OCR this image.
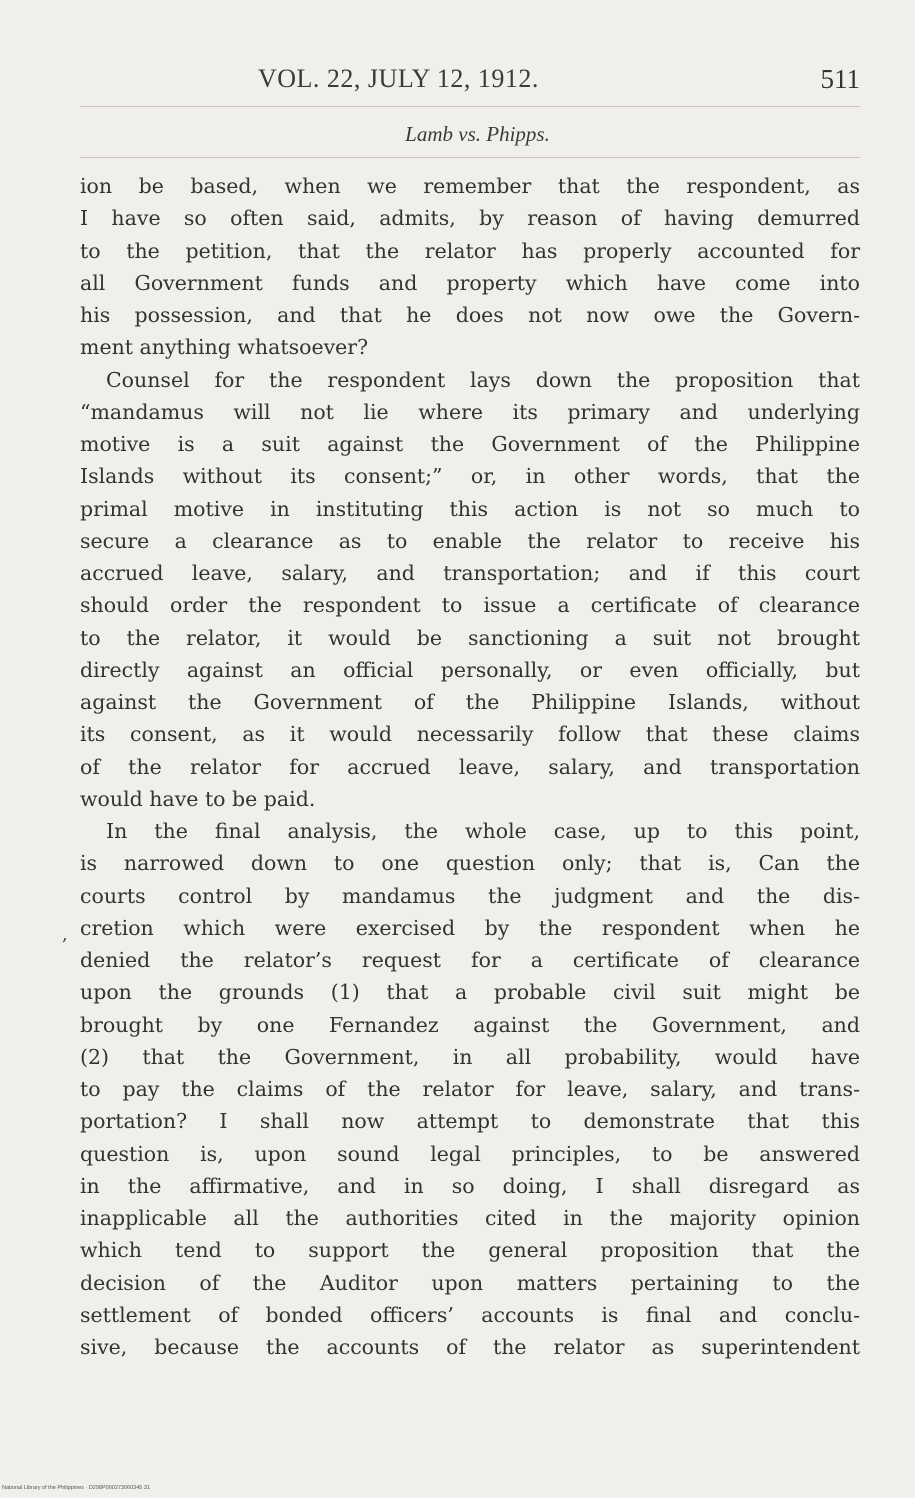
VOL. 22, JULY 12, 1912.	511
Lamb vs. Phipps.
,
ion be based, when we remember that the respondent, as
I have so often said, admits, by reason of having demurred
to the petition, that the relator has properly accounted for
all Government funds and property which have come into
his possession, and that he does not now owe the Govern-
ment anything whatsoever?
Counsel for the respondent lays down the proposition that
“mandamus will not lie where its primary and underlying
motive is a suit against the Government of the Philippine
Islands without its consent;” or, in other words, that the
primal motive in instituting this action is not so much to
secure a clearance as to enable the relator to receive his
accrued leave, salary, and transportation; and if this court
should order the respondent to issue a certificate of clearance
to the relator, it would be sanctioning a suit not brought
directly against an official personally, or even officially, but
against the Government of the Philippine Islands, without
its consent, as it would necessarily follow that these claims
of the relator for accrued leave, salary, and transportation
would have to be paid.
In the final analysis, the whole case, up to this point,
is narrowed down to one question only; that is, Can the
courts control by mandamus the judgment and the dis-
cretion which were exercised by the respondent when he
denied the relator’s request for a certificate of clearance
upon the grounds (1) that a probable civil suit might be
brought by one Fernandez against the Government, and
(2) that the Government, in all probability, would have
to pay the claims of the relator for leave, salary, and trans-
portation? I shall now attempt to demonstrate that this
question is, upon sound legal principles, to be answered
in the affirmative, and in so doing, I shall disregard as
inapplicable all the authorities cited in the majority opinion
which tend to support the general proposition that the
decision of the Auditor upon matters pertaining to the
settlement of bonded officers’ accounts is final and conclu-
sive, because the accounts of the relator as superintendent
National Library of the Philippines · D298P000273060345 31
